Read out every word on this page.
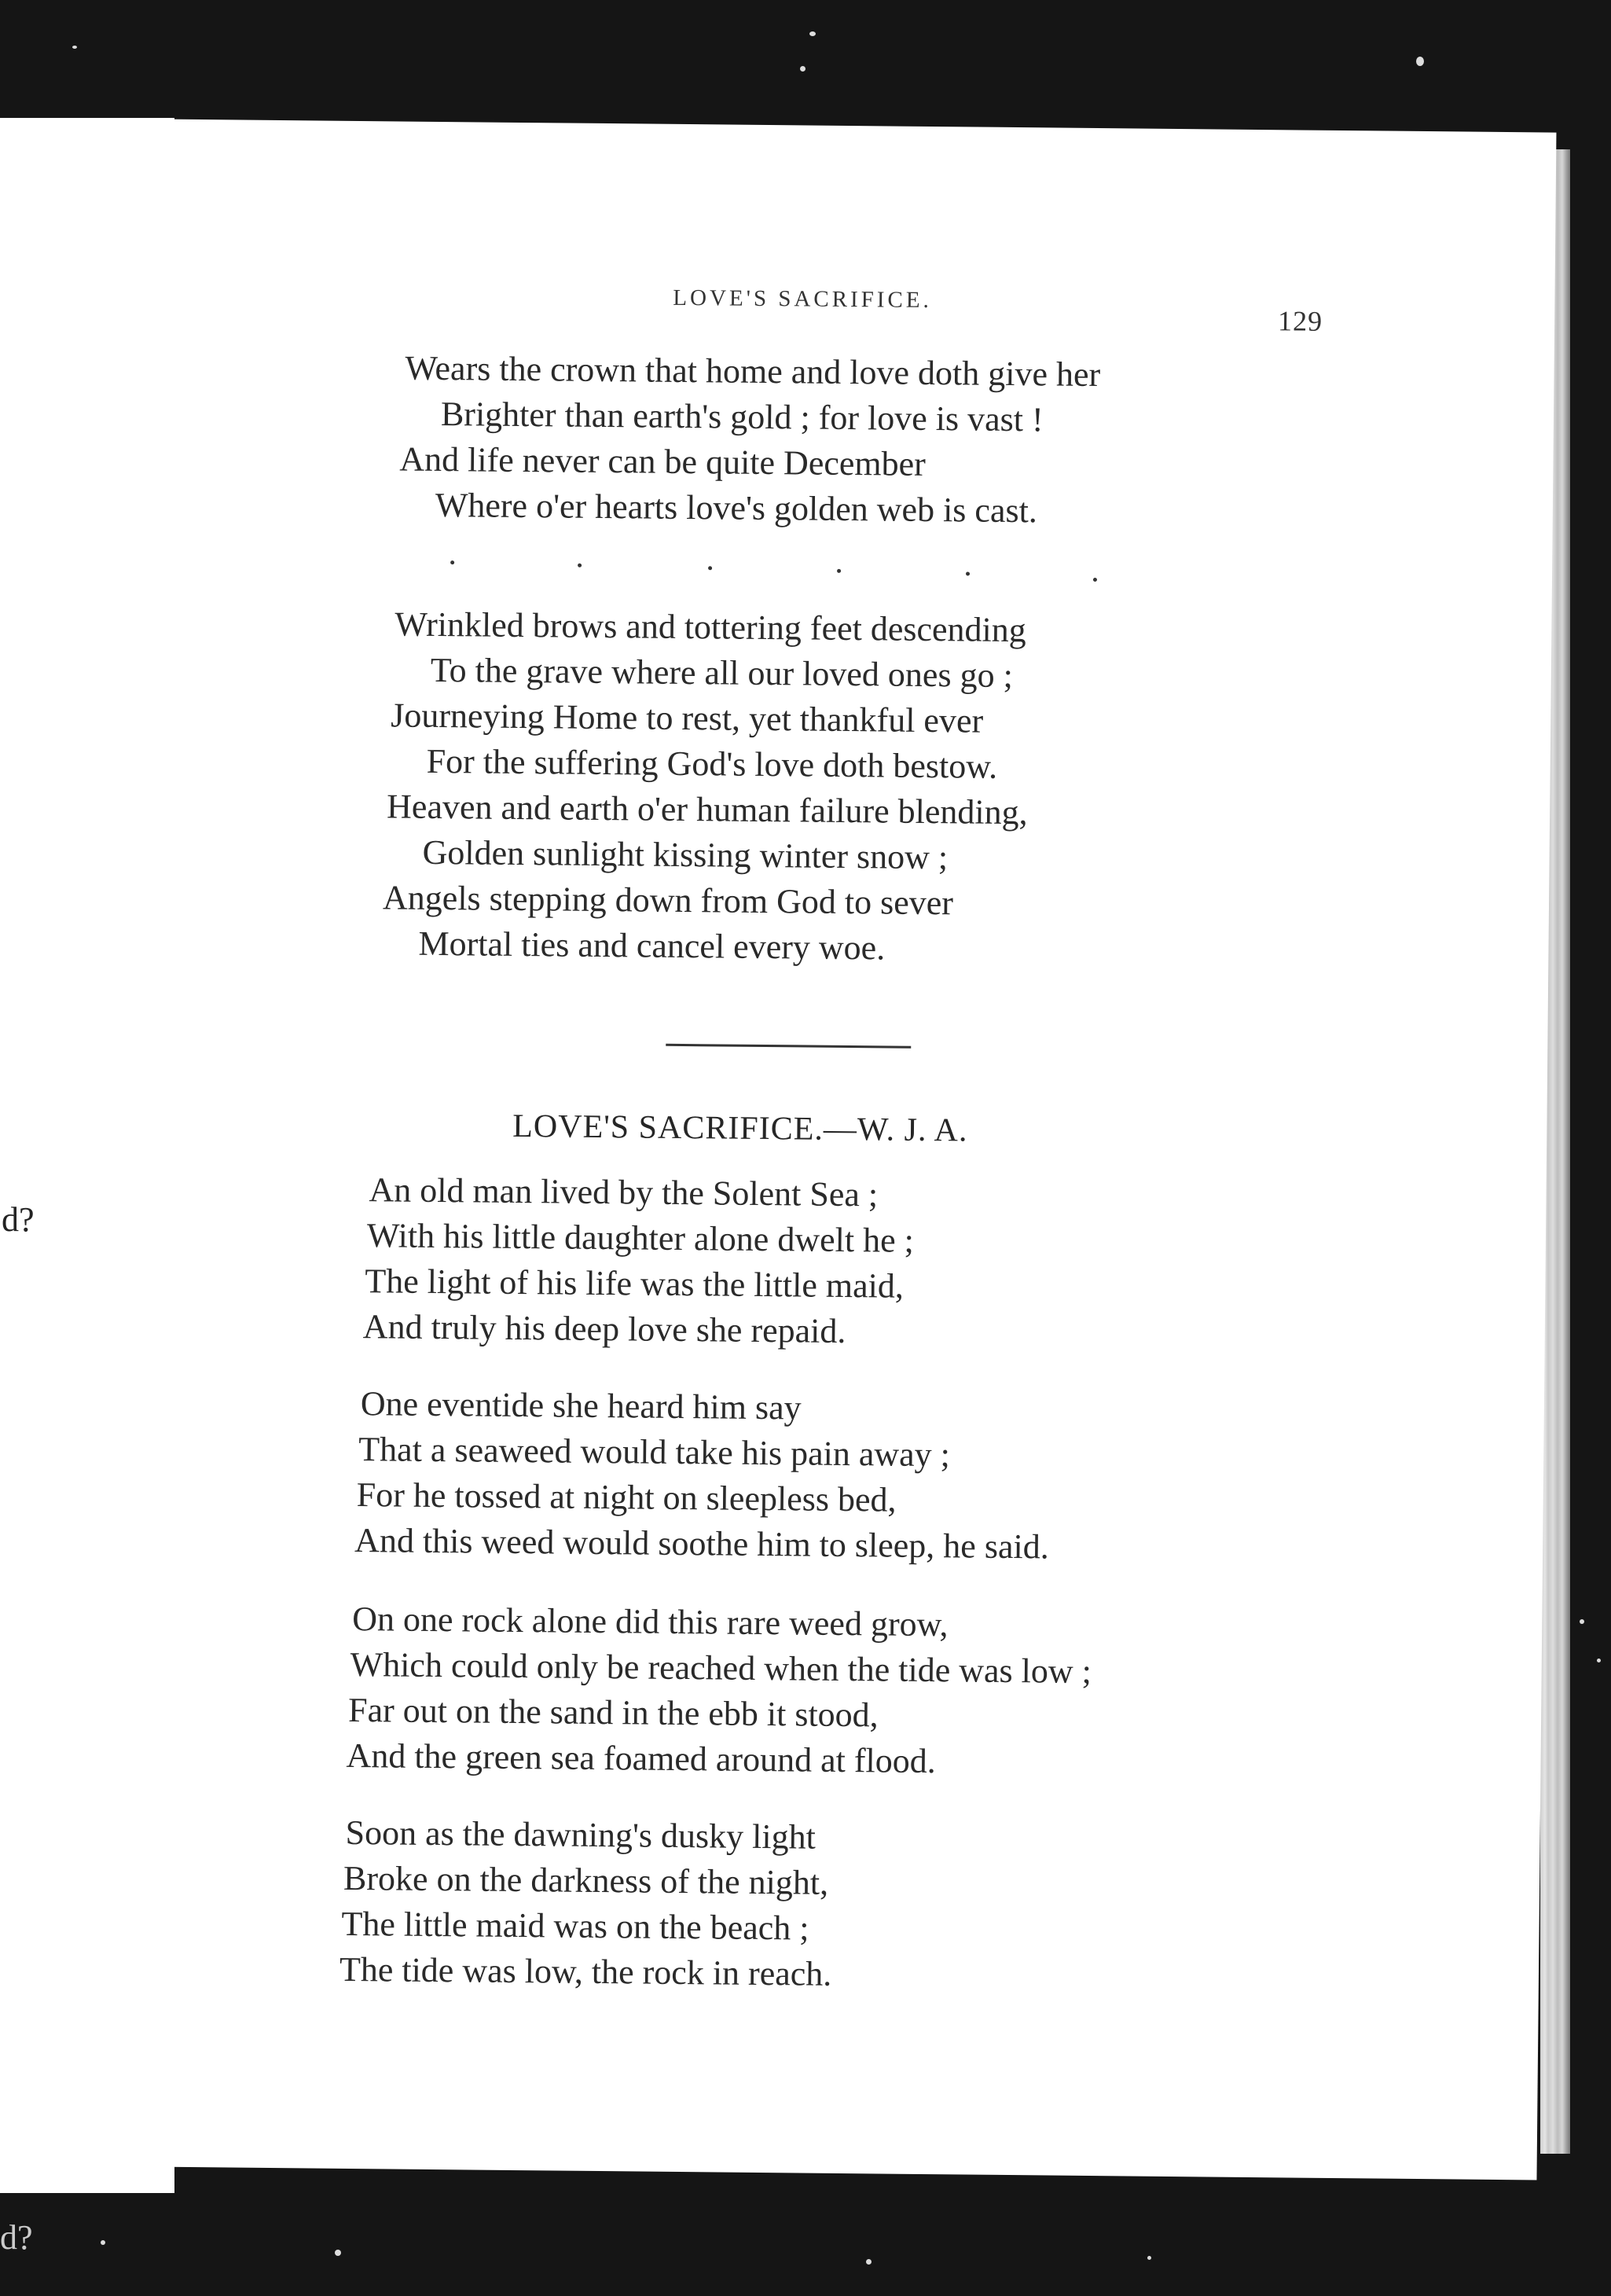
d?
d?
LOVE'S SACRIFICE.
129
Wears the crown that home and love doth give her
Brighter than earth's gold ; for love is vast !
And life never can be quite December
Where o'er hearts love's golden web is cast.
Wrinkled brows and tottering feet descending
To the grave where all our loved ones go ;
Journeying Home to rest, yet thankful ever
For the suffering God's love doth bestow.
Heaven and earth o'er human failure blending,
Golden sunlight kissing winter snow ;
Angels stepping down from God to sever
Mortal ties and cancel every woe.
LOVE'S SACRIFICE.—W. J. A.
An old man lived by the Solent Sea ;
With his little daughter alone dwelt he ;
The light of his life was the little maid,
And truly his deep love she repaid.
One eventide she heard him say
That a seaweed would take his pain away ;
For he tossed at night on sleepless bed,
And this weed would soothe him to sleep, he said.
On one rock alone did this rare weed grow,
Which could only be reached when the tide was low ;
Far out on the sand in the ebb it stood,
And the green sea foamed around at flood.
Soon as the dawning's dusky light
Broke on the darkness of the night,
The little maid was on the beach ;
The tide was low, the rock in reach.
